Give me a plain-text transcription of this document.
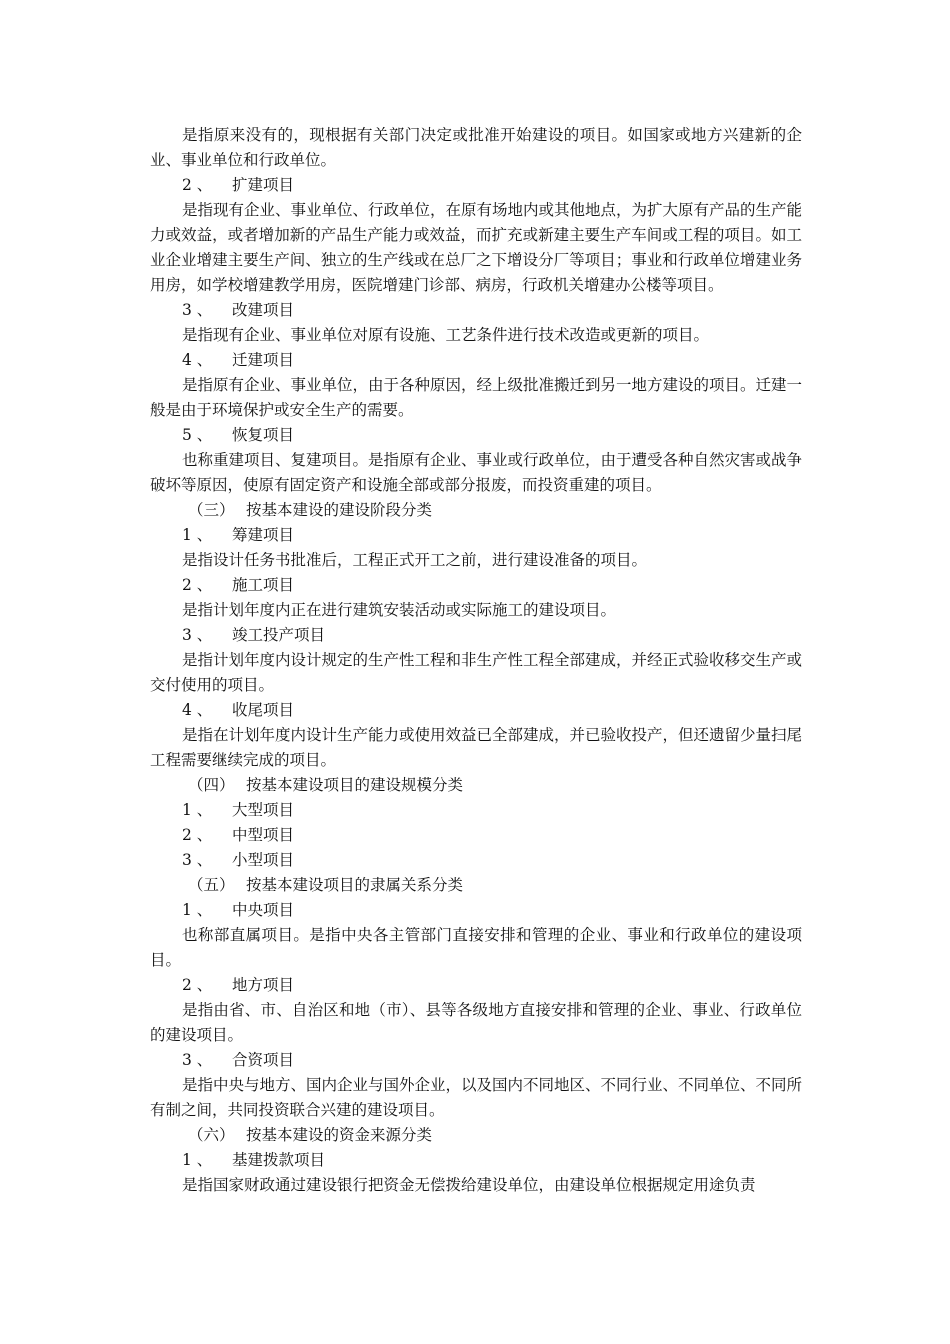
是指原来没有的，现根据有关部门决定或批准开始建设的项目。如国家或地方兴建新的企业、事业单位和行政单位。

2 、 扩建项目

是指现有企业、事业单位、行政单位，在原有场地内或其他地点，为扩大原有产品的生产能力或效益，或者增加新的产品生产能力或效益，而扩充或新建主要生产车间或工程的项目。如工业企业增建主要生产间、独立的生产线或在总厂之下增设分厂等项目；事业和行政单位增建业务用房，如学校增建教学用房，医院增建门诊部、病房，行政机关增建办公楼等项目。

3 、 改建项目

是指现有企业、事业单位对原有设施、工艺条件进行技术改造或更新的项目。

4 、 迁建项目

是指原有企业、事业单位，由于各种原因，经上级批准搬迁到另一地方建设的项目。迁建一般是由于环境保护或安全生产的需要。

5 、 恢复项目

也称重建项目、复建项目。是指原有企业、事业或行政单位，由于遭受各种自然灾害或战争破坏等原因，使原有固定资产和设施全部或部分报废，而投资重建的项目。

（三） 按基本建设的建设阶段分类
1 、 筹建项目

是指设计任务书批准后，工程正式开工之前，进行建设准备的项目。

2 、 施工项目

是指计划年度内正在进行建筑安装活动或实际施工的建设项目。

3 、 竣工投产项目

是指计划年度内设计规定的生产性工程和非生产性工程全部建成，并经正式验收移交生产或交付使用的项目。

4 、 收尾项目

是指在计划年度内设计生产能力或使用效益已全部建成，并已验收投产，但还遗留少量扫尾工程需要继续完成的项目。

（四） 按基本建设项目的建设规模分类
1 、 大型项目
2 、 中型项目
3 、 小型项目
（五） 按基本建设项目的隶属关系分类
1 、 中央项目

也称部直属项目。是指中央各主管部门直接安排和管理的企业、事业和行政单位的建设项目。

2 、 地方项目

是指由省、市、自治区和地（市）、县等各级地方直接安排和管理的企业、事业、行政单位的建设项目。

3 、 合资项目

是指中央与地方、国内企业与国外企业，以及国内不同地区、不同行业、不同单位、不同所有制之间，共同投资联合兴建的建设项目。

（六） 按基本建设的资金来源分类
1 、 基建拨款项目

是指国家财政通过建设银行把资金无偿拨给建设单位，由建设单位根据规定用途负责
